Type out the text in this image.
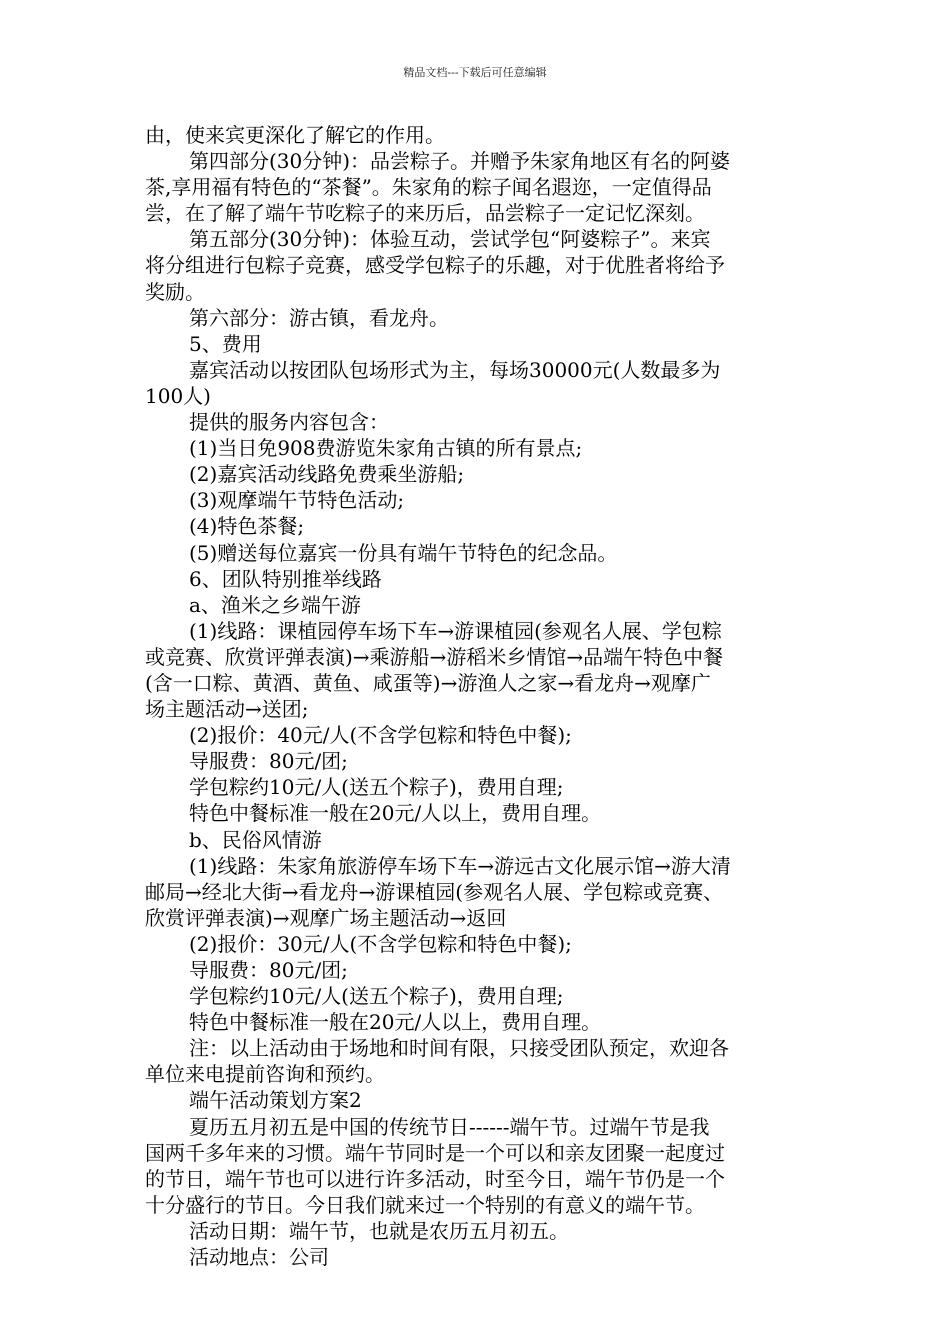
精品文档---下载后可任意编辑
由，使来宾更深化了解它的作用。
第四部分(30分钟)：品尝粽子。并赠予朱家角地区有名的阿婆
茶,享用福有特色的“茶餐”。朱家角的粽子闻名遐迩，一定值得品
尝，在了解了端午节吃粽子的来历后，品尝粽子一定记忆深刻。
第五部分(30分钟)：体验互动，尝试学包“阿婆粽子”。来宾
将分组进行包粽子竞赛，感受学包粽子的乐趣，对于优胜者将给予
奖励。
第六部分：游古镇，看龙舟。
5、费用
嘉宾活动以按团队包场形式为主，每场30000元(人数最多为
100人)
提供的服务内容包含：
(1)当日免908费游览朱家角古镇的所有景点;
(2)嘉宾活动线路免费乘坐游船;
(3)观摩端午节特色活动;
(4)特色茶餐;
(5)赠送每位嘉宾一份具有端午节特色的纪念品。
6、团队特别推举线路
a、渔米之乡端午游
(1)线路：课植园停车场下车→游课植园(参观名人展、学包粽
或竞赛、欣赏评弹表演)→乘游船→游稻米乡情馆→品端午特色中餐
(含一口粽、黄酒、黄鱼、咸蛋等)→游渔人之家→看龙舟→观摩广
场主题活动→送团;
(2)报价：40元/人(不含学包粽和特色中餐);
导服费：80元/团;
学包粽约10元/人(送五个粽子)，费用自理;
特色中餐标准一般在20元/人以上，费用自理。
b、民俗风情游
(1)线路：朱家角旅游停车场下车→游远古文化展示馆→游大清
邮局→经北大街→看龙舟→游课植园(参观名人展、学包粽或竞赛、
欣赏评弹表演)→观摩广场主题活动→返回
(2)报价：30元/人(不含学包粽和特色中餐);
导服费：80元/团;
学包粽约10元/人(送五个粽子)，费用自理;
特色中餐标准一般在20元/人以上，费用自理。
注：以上活动由于场地和时间有限，只接受团队预定，欢迎各
单位来电提前咨询和预约。
端午活动策划方案2
夏历五月初五是中国的传统节日------端午节。过端午节是我
国两千多年来的习惯。端午节同时是一个可以和亲友团聚一起度过
的节日，端午节也可以进行许多活动，时至今日，端午节仍是一个
十分盛行的节日。今日我们就来过一个特别的有意义的端午节。
活动日期：端午节，也就是农历五月初五。
活动地点：公司
